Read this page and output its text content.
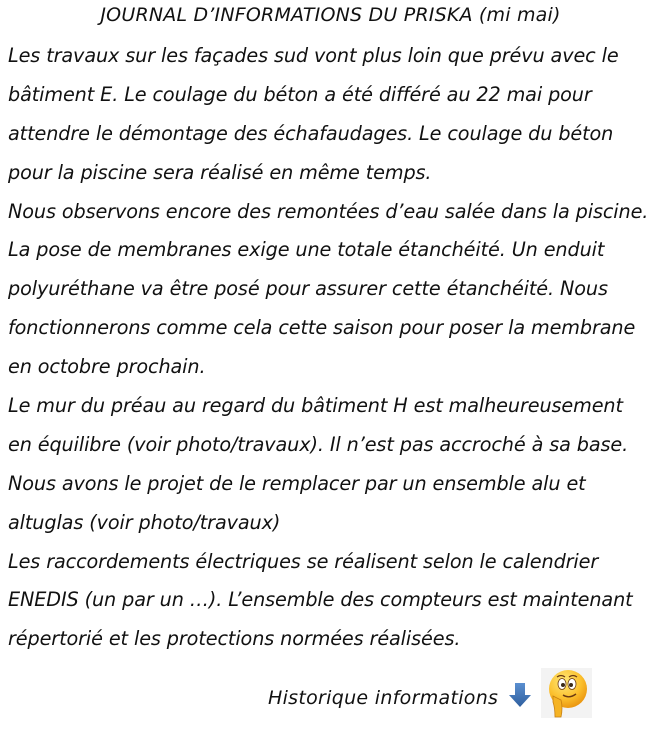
JOURNAL D’INFORMATIONS DU PRISKA (mi mai)
Les travaux sur les façades sud vont plus loin que prévu avec le
bâtiment E. Le coulage du béton a été différé au 22 mai pour
attendre le démontage des échafaudages. Le coulage du béton
pour la piscine sera réalisé en même temps.
Nous observons encore des remontées d’eau salée dans la piscine.
La pose de membranes exige une totale étanchéité. Un enduit
polyuréthane va être posé pour assurer cette étanchéité. Nous
fonctionnerons comme cela cette saison pour poser la membrane
en octobre prochain.
Le mur du préau au regard du bâtiment H est malheureusement
en équilibre (voir photo/travaux). Il n’est pas accroché à sa base.
Nous avons le projet de le remplacer par un ensemble alu et
altuglas (voir photo/travaux)
Les raccordements électriques se réalisent selon le calendrier
ENEDIS (un par un …). L’ensemble des compteurs est maintenant
répertorié et les protections normées réalisées.
Historique informations
